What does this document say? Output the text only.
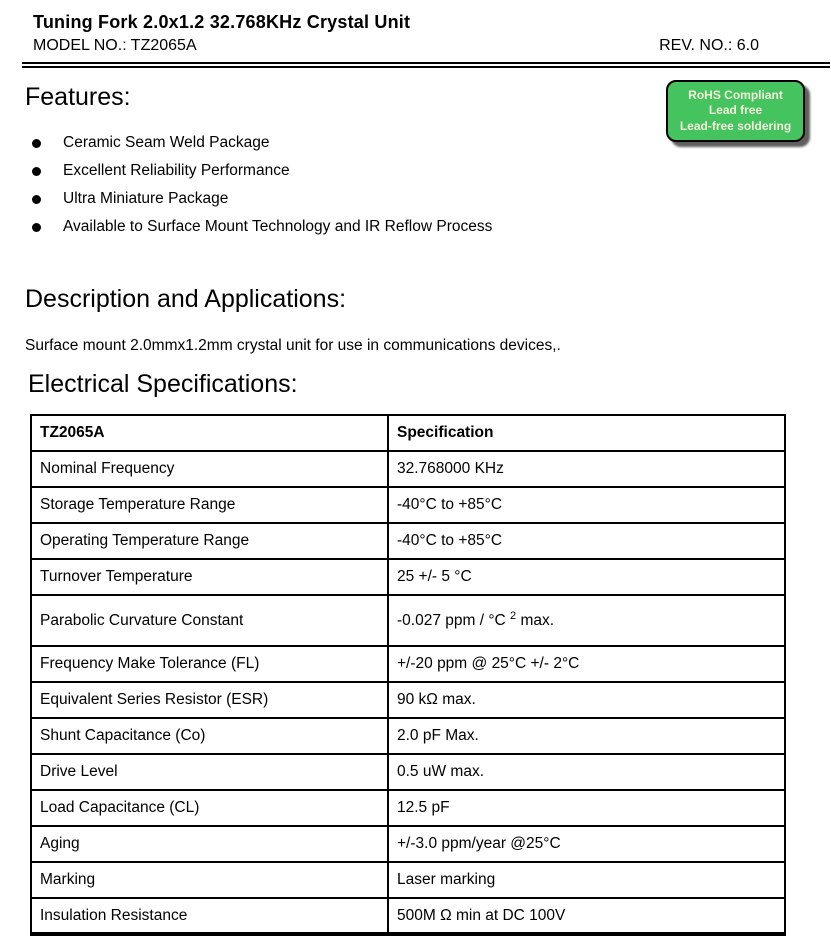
Tuning Fork 2.0x1.2 32.768KHz Crystal Unit
MODEL NO.: TZ2065A	REV. NO.: 6.0
RoHS Compliant
Lead free
Lead-free soldering
Features:
Ceramic Seam Weld Package
Excellent Reliability Performance
Ultra Miniature Package
Available to Surface Mount Technology and IR Reflow Process
Description and Applications:
Surface mount 2.0mmx1.2mm crystal unit for use in communications devices,.
Electrical Specifications:
TZ2065A	Specification
Nominal Frequency	32.768000 KHz
Storage Temperature Range	-40°C to +85°C
Operating Temperature Range	-40°C to +85°C
Turnover Temperature	25 +/- 5 °C
Parabolic Curvature Constant	-0.027 ppm / °C $^2$ max.
Frequency Make Tolerance (FL)	+/-20 ppm @ 25°C +/- 2°C
Equivalent Series Resistor (ESR)	90 kΩ max.
Shunt Capacitance (Co)	2.0 pF Max.
Drive Level	0.5 uW max.
Load Capacitance (CL)	12.5 pF
Aging	+/-3.0 ppm/year @25°C
Marking	Laser marking
Insulation Resistance	500M Ω min at DC 100V
